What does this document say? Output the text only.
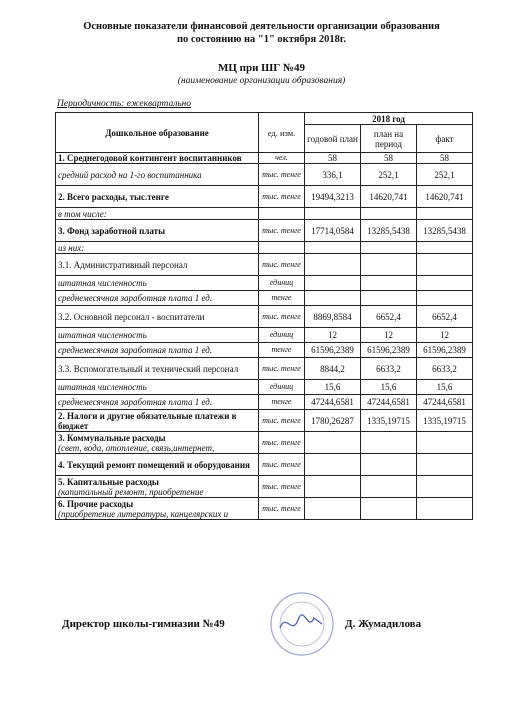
Основные показатели финансовой деятельности организации образования
по состоянию на "1" октября 2018г.
МЦ при ШГ №49
(наименование организации образования)
Периодичность: ежеквартально
Дошкольное образование	ед. изм.	2018 год		
		годовой план	план на период	факт
1. Среднегодовой контингент воспитанников	чел.	58	58	58
средний расход на 1-го воспитанника	тыс. тенге	336,1	252,1	252,1
2. Всего расходы, тыс.тенге	тыс. тенге	19494,3213	14620,741	14620,741
в том числе:				
3. Фонд заработной платы	тыс. тенге	17714,0584	13285,5438	13285,5438
из них:				
3.1. Административный персонал	тыс. тенге			
штатная численность	единиц			
среднемесячная заработная плата 1 ед.	тенге			
3.2. Основной персонал - воспитатели	тыс. тенге	8869,8584	6652,4	6652,4
штатная численность	единиц	12	12	12
среднемесячная заработная плата 1 ед.	тенге	61596,2389	61596,2389	61596,2389
3.3. Вспомогательный и технический персонал	тыс. тенге	8844,2	6633,2	6633,2
штатная численность	единиц	15,6	15,6	15,6
среднемесячная заработная плата 1 ед.	тенге	47244,6581	47244,6581	47244,6581
2. Налоги и другие обязательные платежи в бюджет	тыс. тенге	1780,26287	1335,19715	1335,19715

3. Коммунальные расходы
(свет, вода, отопление, связь,интернет,	тыс. тенге			
4. Текущий ремонт помещений и оборудования	тыс. тенге			

5. Капитальные расходы
(капитальный ремонт, приобретение	тыс. тенге			

6. Прочие расходы
(приобретение литературы, канцелярских и	тыс. тенге			
Директор школы-гимназии №49	Д. Жумадилова
